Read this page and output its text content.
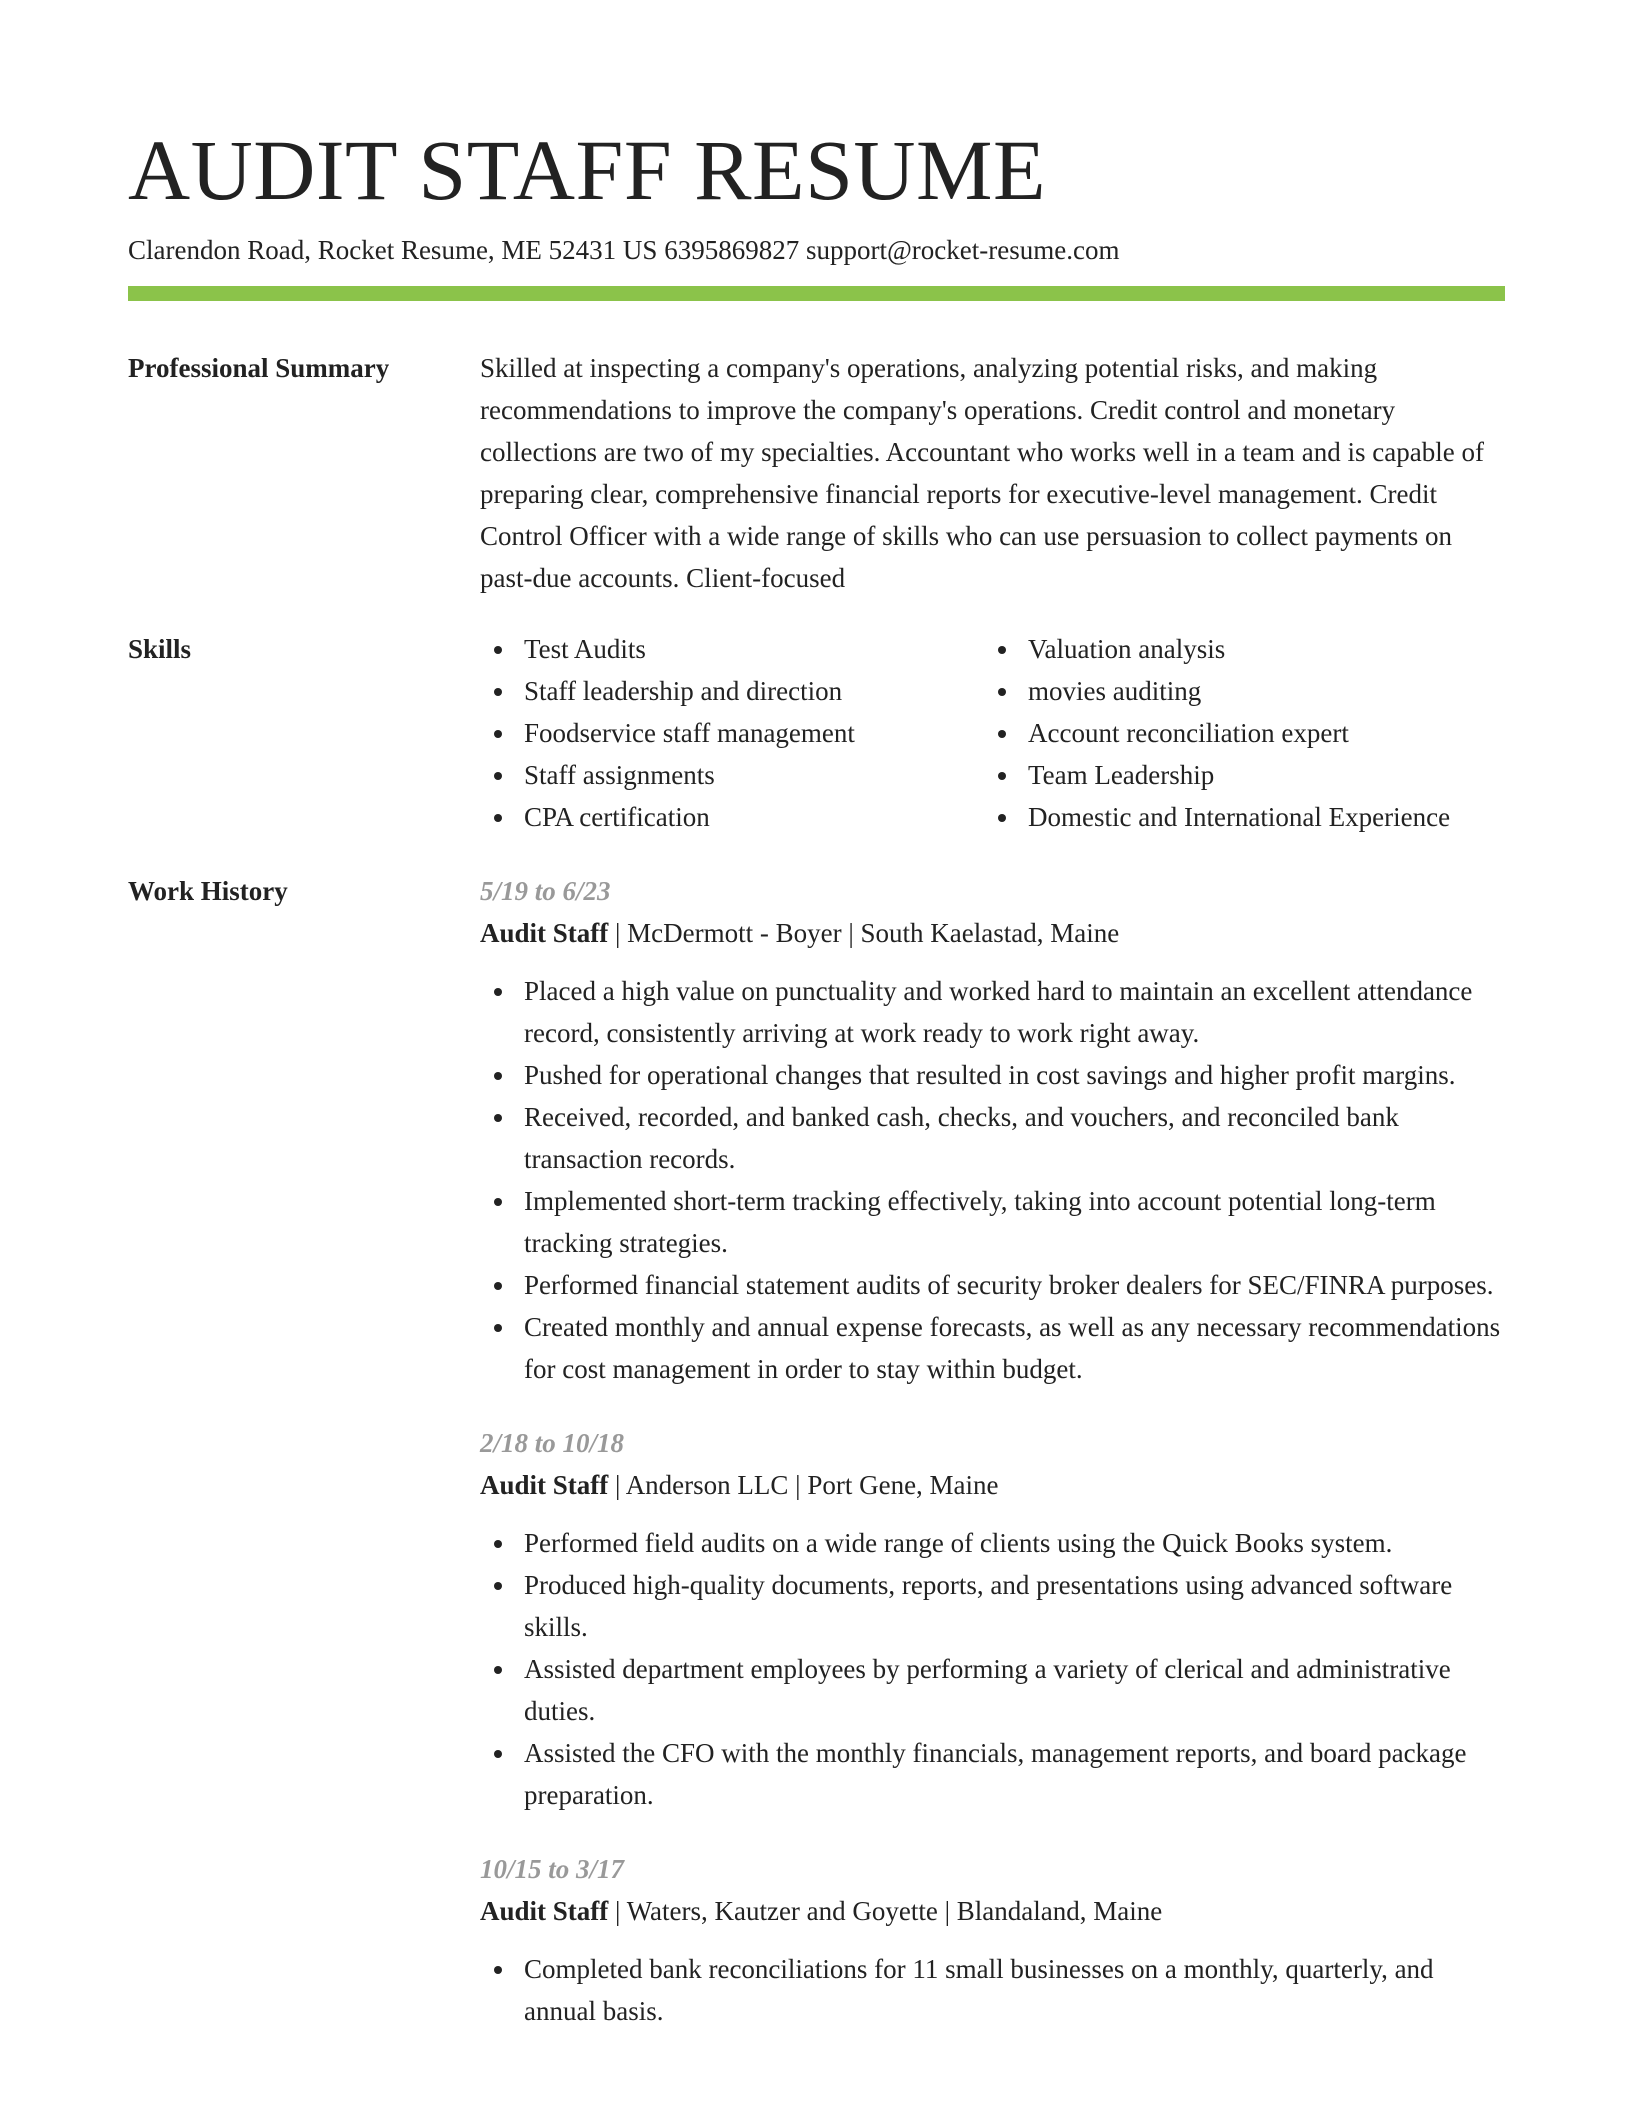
AUDIT STAFF RESUME
Clarendon Road, Rocket Resume, ME 52431 US 6395869827 support@rocket-resume.com
Professional Summary	Skilled at inspecting a company's operations, analyzing potential risks, and making recommendations to improve the company's operations. Credit control and monetary collections are two of my specialties. Accountant who works well in a team and is capable of preparing clear, comprehensive financial reports for executive-level management. Credit Control Officer with a wide range of skills who can use persuasion to collect payments on past-due accounts. Client-focused

Skills	Test Audits
Staff leadership and direction
Foodservice staff management
Staff assignments
CPA certification
Valuation analysis
movies auditing
Account reconciliation expert
Team Leadership
Domestic and International Experience
Work History	5/19 to 6/23
Audit Staff | McDermott - Boyer | South Kaelastad, Maine
Placed a high value on punctuality and worked hard to maintain an excellent attendance record, consistently arriving at work ready to work right away.
Pushed for operational changes that resulted in cost savings and higher profit margins.
Received, recorded, and banked cash, checks, and vouchers, and reconciled bank transaction records.
Implemented short-term tracking effectively, taking into account potential long-term tracking strategies.
Performed financial statement audits of security broker dealers for SEC/FINRA purposes.
Created monthly and annual expense forecasts, as well as any necessary recommendations for cost management in order to stay within budget.
2/18 to 10/18
Audit Staff | Anderson LLC | Port Gene, Maine
Performed field audits on a wide range of clients using the Quick Books system.
Produced high-quality documents, reports, and presentations using advanced software skills.
Assisted department employees by performing a variety of clerical and administrative duties.
Assisted the CFO with the monthly financials, management reports, and board package preparation.
10/15 to 3/17
Audit Staff | Waters, Kautzer and Goyette | Blandaland, Maine
Completed bank reconciliations for 11 small businesses on a monthly, quarterly, and annual basis.
